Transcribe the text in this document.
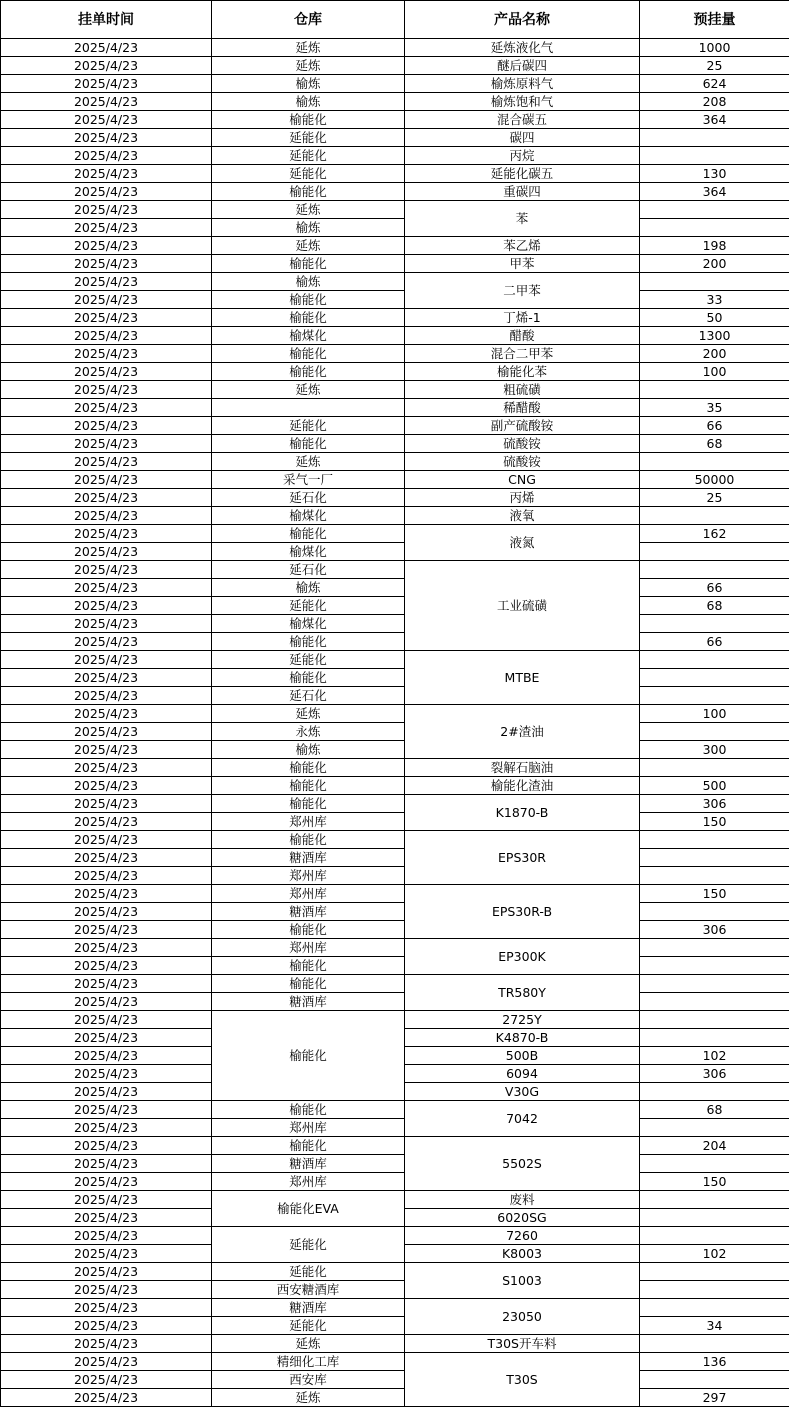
挂单时间	仓库	产品名称	预挂量
2025/4/23	延炼	延炼液化气	1000
2025/4/23	延炼	醚后碳四	25
2025/4/23	榆炼	榆炼原料气	624
2025/4/23	榆炼	榆炼饱和气	208
2025/4/23	榆能化	混合碳五	364
2025/4/23	延能化	碳四	
2025/4/23	延能化	丙烷	
2025/4/23	延能化	延能化碳五	130
2025/4/23	榆能化	重碳四	364
2025/4/23	延炼	苯	
2025/4/23	榆炼		
2025/4/23	延炼	苯乙烯	198
2025/4/23	榆能化	甲苯	200
2025/4/23	榆炼	二甲苯	
2025/4/23	榆能化		33
2025/4/23	榆能化	丁烯-1	50
2025/4/23	榆煤化	醋酸	1300
2025/4/23	榆能化	混合二甲苯	200
2025/4/23	榆能化	榆能化苯	100
2025/4/23	延炼	粗硫磺	
2025/4/23		稀醋酸	35
2025/4/23	延能化	副产硫酸铵	66
2025/4/23	榆能化	硫酸铵	68
2025/4/23	延炼	硫酸铵	
2025/4/23	采气一厂	CNG	50000
2025/4/23	延石化	丙烯	25
2025/4/23	榆煤化	液氧	
2025/4/23	榆能化	液氮	162
2025/4/23	榆煤化		
2025/4/23	延石化	工业硫磺	
2025/4/23	榆炼		66
2025/4/23	延能化		68
2025/4/23	榆煤化		
2025/4/23	榆能化		66
2025/4/23	延能化	MTBE	
2025/4/23	榆能化		
2025/4/23	延石化		
2025/4/23	延炼	2#渣油	100
2025/4/23	永炼		
2025/4/23	榆炼		300
2025/4/23	榆能化	裂解石脑油	
2025/4/23	榆能化	榆能化渣油	500
2025/4/23	榆能化	K1870-B	306
2025/4/23	郑州库		150
2025/4/23	榆能化	EPS30R	
2025/4/23	糖酒库		
2025/4/23	郑州库		
2025/4/23	郑州库	EPS30R-B	150
2025/4/23	糖酒库		
2025/4/23	榆能化		306
2025/4/23	郑州库	EP300K	
2025/4/23	榆能化		
2025/4/23	榆能化	TR580Y	
2025/4/23	糖酒库		
2025/4/23	榆能化	2725Y	
2025/4/23		K4870-B	
2025/4/23		500B	102
2025/4/23		6094	306
2025/4/23		V30G	
2025/4/23	榆能化	7042	68
2025/4/23	郑州库		
2025/4/23	榆能化	5502S	204
2025/4/23	糖酒库		
2025/4/23	郑州库		150
2025/4/23	榆能化EVA	废料	
2025/4/23		6020SG	
2025/4/23	延能化	7260	
2025/4/23		K8003	102
2025/4/23	延能化	S1003	
2025/4/23	西安糖酒库		
2025/4/23	糖酒库	23050	
2025/4/23	延能化		34
2025/4/23	延炼	T30S开车料	
2025/4/23	精细化工库	T30S	136
2025/4/23	西安库		
2025/4/23	延炼		297
